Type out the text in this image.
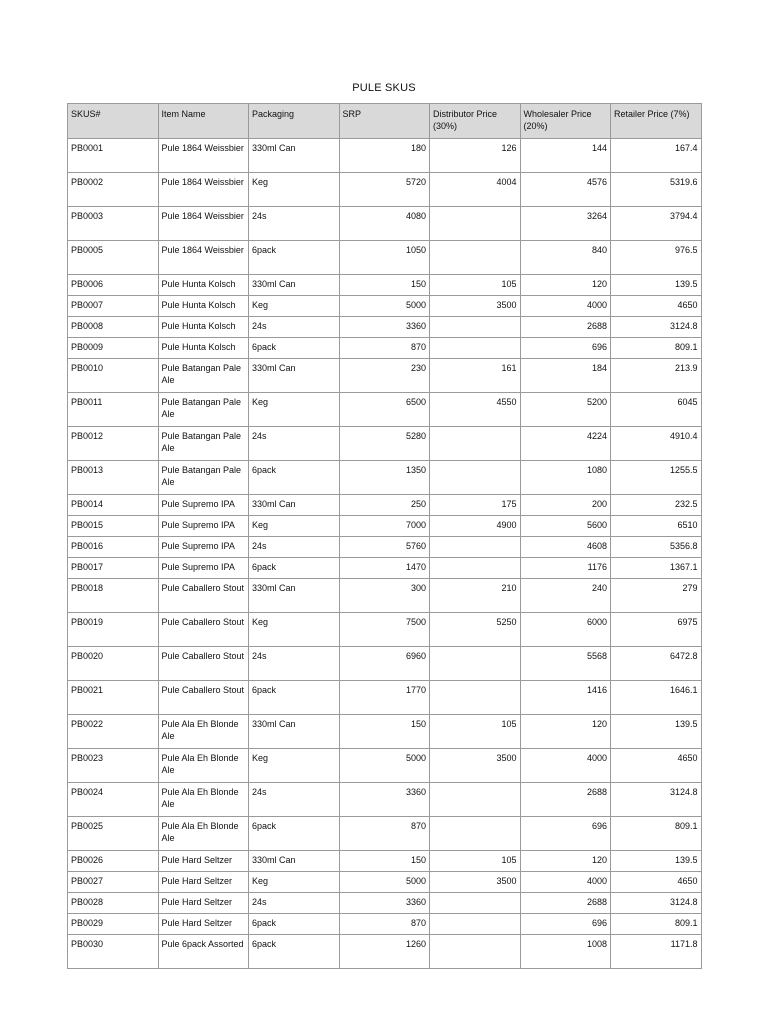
PULE SKUS
SKUS#	Item Name	Packaging	SRP	Distributor Price (30%)	Wholesaler Price (20%)	Retailer Price (7%)
PB0001	Pule 1864 Weissbier	330ml Can	180	126	144	167.4
PB0002	Pule 1864 Weissbier	Keg	5720	4004	4576	5319.6
PB0003	Pule 1864 Weissbier	24s	4080		3264	3794.4
PB0005	Pule 1864 Weissbier	6pack	1050		840	976.5
PB0006	Pule Hunta Kolsch	330ml Can	150	105	120	139.5
PB0007	Pule Hunta Kolsch	Keg	5000	3500	4000	4650
PB0008	Pule Hunta Kolsch	24s	3360		2688	3124.8
PB0009	Pule Hunta Kolsch	6pack	870		696	809.1
PB0010	Pule Batangan Pale Ale	330ml Can	230	161	184	213.9
PB0011	Pule Batangan Pale Ale	Keg	6500	4550	5200	6045
PB0012	Pule Batangan Pale Ale	24s	5280		4224	4910.4
PB0013	Pule Batangan Pale Ale	6pack	1350		1080	1255.5
PB0014	Pule Supremo IPA	330ml Can	250	175	200	232.5
PB0015	Pule Supremo IPA	Keg	7000	4900	5600	6510
PB0016	Pule Supremo IPA	24s	5760		4608	5356.8
PB0017	Pule Supremo IPA	6pack	1470		1176	1367.1
PB0018	Pule Caballero Stout	330ml Can	300	210	240	279
PB0019	Pule Caballero Stout	Keg	7500	5250	6000	6975
PB0020	Pule Caballero Stout	24s	6960		5568	6472.8
PB0021	Pule Caballero Stout	6pack	1770		1416	1646.1
PB0022	Pule Ala Eh Blonde Ale	330ml Can	150	105	120	139.5
PB0023	Pule Ala Eh Blonde Ale	Keg	5000	3500	4000	4650
PB0024	Pule Ala Eh Blonde Ale	24s	3360		2688	3124.8
PB0025	Pule Ala Eh Blonde Ale	6pack	870		696	809.1
PB0026	Pule Hard Seltzer	330ml Can	150	105	120	139.5
PB0027	Pule Hard Seltzer	Keg	5000	3500	4000	4650
PB0028	Pule Hard Seltzer	24s	3360		2688	3124.8
PB0029	Pule Hard Seltzer	6pack	870		696	809.1
PB0030	Pule 6pack Assorted	6pack	1260		1008	1171.8
